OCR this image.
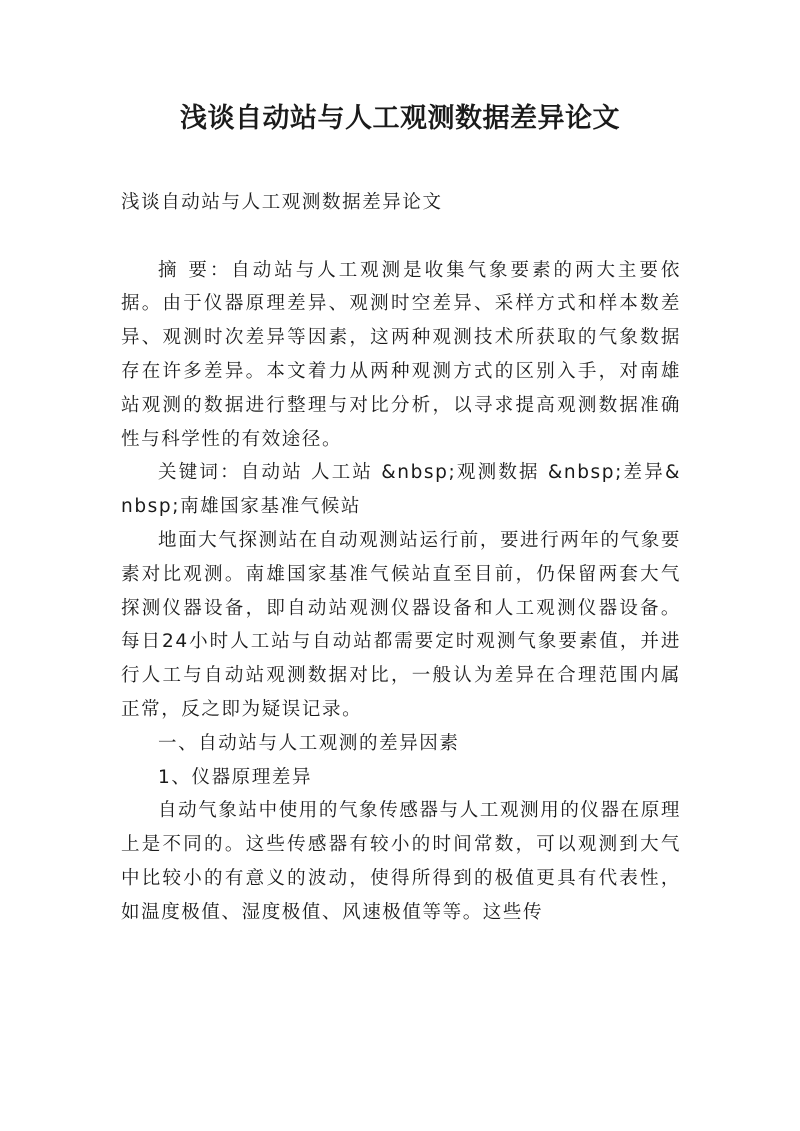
浅谈自动站与人工观测数据差异论文

浅谈自动站与人工观测数据差异论文

摘 要：自动站与人工观测是收集气象要素的两大主要依据。由于仪器原理差异、观测时空差异、采样方式和样本数差异、观测时次差异等因素，这两种观测技术所获取的气象数据存在许多差异。本文着力从两种观测方式的区别入手，对南雄站观测的数据进行整理与对比分析，以寻求提高观测数据准确性与科学性的有效途径。

关键词：自动站 人工站 &nbsp;观测数据 &nbsp;差异&nbsp;南雄国家基准气候站

地面大气探测站在自动观测站运行前，要进行两年的气象要素对比观测。南雄国家基准气候站直至目前，仍保留两套大气探测仪器设备，即自动站观测仪器设备和人工观测仪器设备。每日24小时人工站与自动站都需要定时观测气象要素值，并进行人工与自动站观测数据对比，一般认为差异在合理范围内属正常，反之即为疑误记录。

一、自动站与人工观测的差异因素

1、仪器原理差异

自动气象站中使用的气象传感器与人工观测用的仪器在原理上是不同的。这些传感器有较小的时间常数，可以观测到大气中比较小的有意义的波动，使得所得到的极值更具有代表性，如温度极值、湿度极值、风速极值等等。这些传
